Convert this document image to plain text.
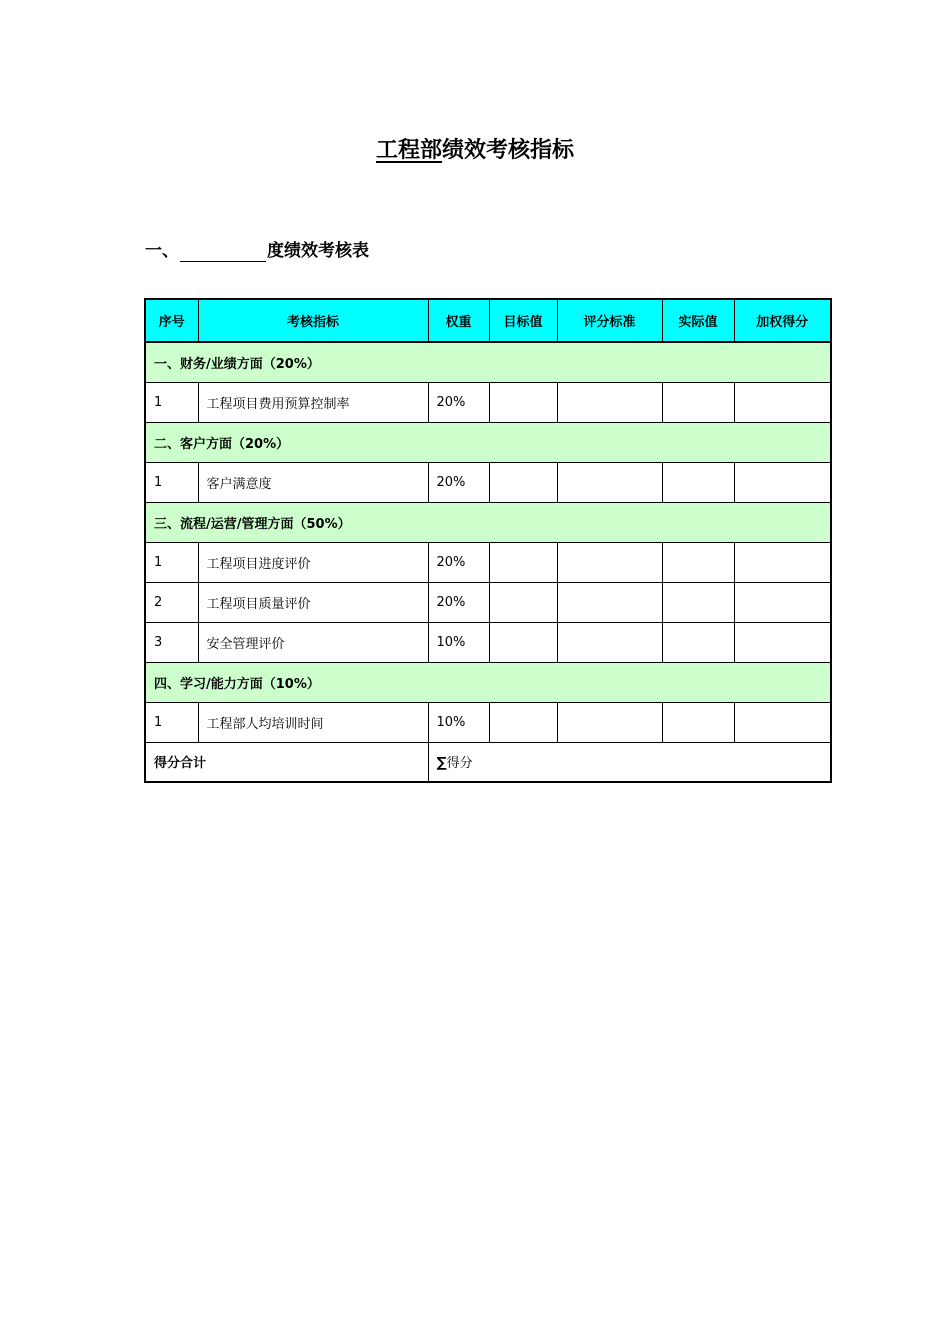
工程部绩效考核指标
一、	度绩效考核表
序号	考核指标	权重	目标值	评分标准	实际值	加权得分
一、财务/业绩方面（20%）						
1	工程项目费用预算控制率	20%				
二、客户方面（20%）						
1	客户满意度	20%				
三、流程/运营/管理方面（50%）						
1	工程项目进度评价	20%				
2	工程项目质量评价	20%				
3	安全管理评价	10%				
四、学习/能力方面（10%）						
1	工程部人均培训时间	10%				
得分合计		∑得分				
